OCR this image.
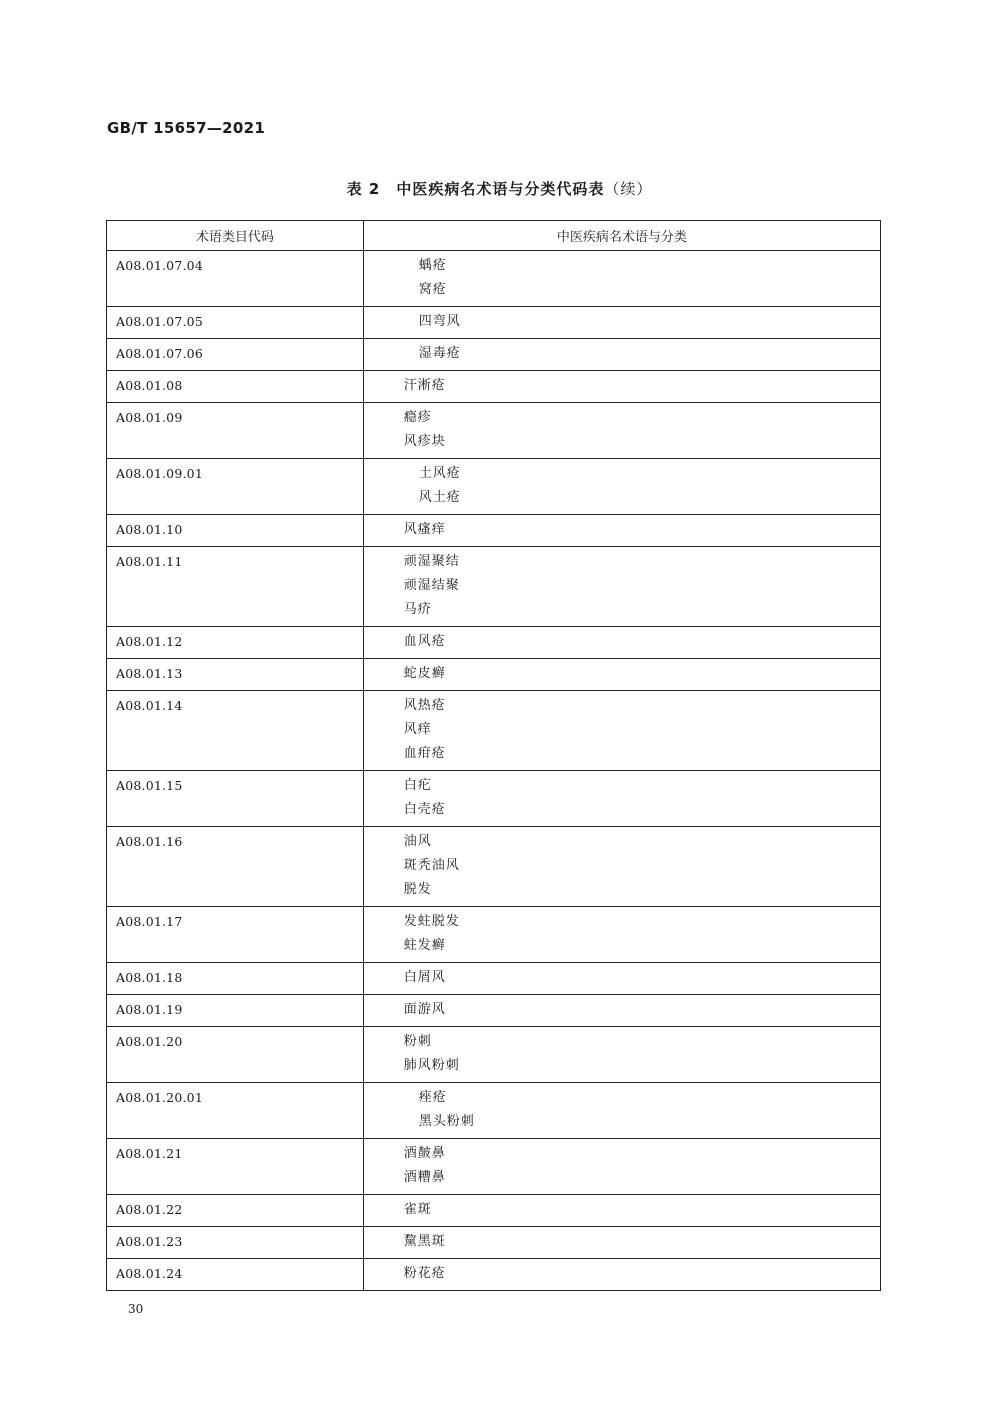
GB/T 15657—2021
表 2　中医疾病名术语与分类代码表（续）
术语类目代码	中医疾病名术语与分类
A08.01.07.04	蝺疮
窝疮

A08.01.07.05	四弯风

A08.01.07.06	湿毒疮

A08.01.08	汗淅疮

A08.01.09	瘾疹
风疹块

A08.01.09.01	土风疮
风土疮

A08.01.10	风瘙痒

A08.01.11	顽湿聚结
顽湿结聚
马疥

A08.01.12	血风疮

A08.01.13	蛇皮癣

A08.01.14	风热疮
风痒
血疳疮

A08.01.15	白疕
白壳疮

A08.01.16	油风
斑秃油风
脱发

A08.01.17	发蛀脱发
蛀发癣

A08.01.18	白屑风

A08.01.19	面游风

A08.01.20	粉刺
肺风粉刺

A08.01.20.01	痤疮
黑头粉刺

A08.01.21	酒皶鼻
酒糟鼻

A08.01.22	雀斑

A08.01.23	黧黑斑

A08.01.24	粉花疮
30
